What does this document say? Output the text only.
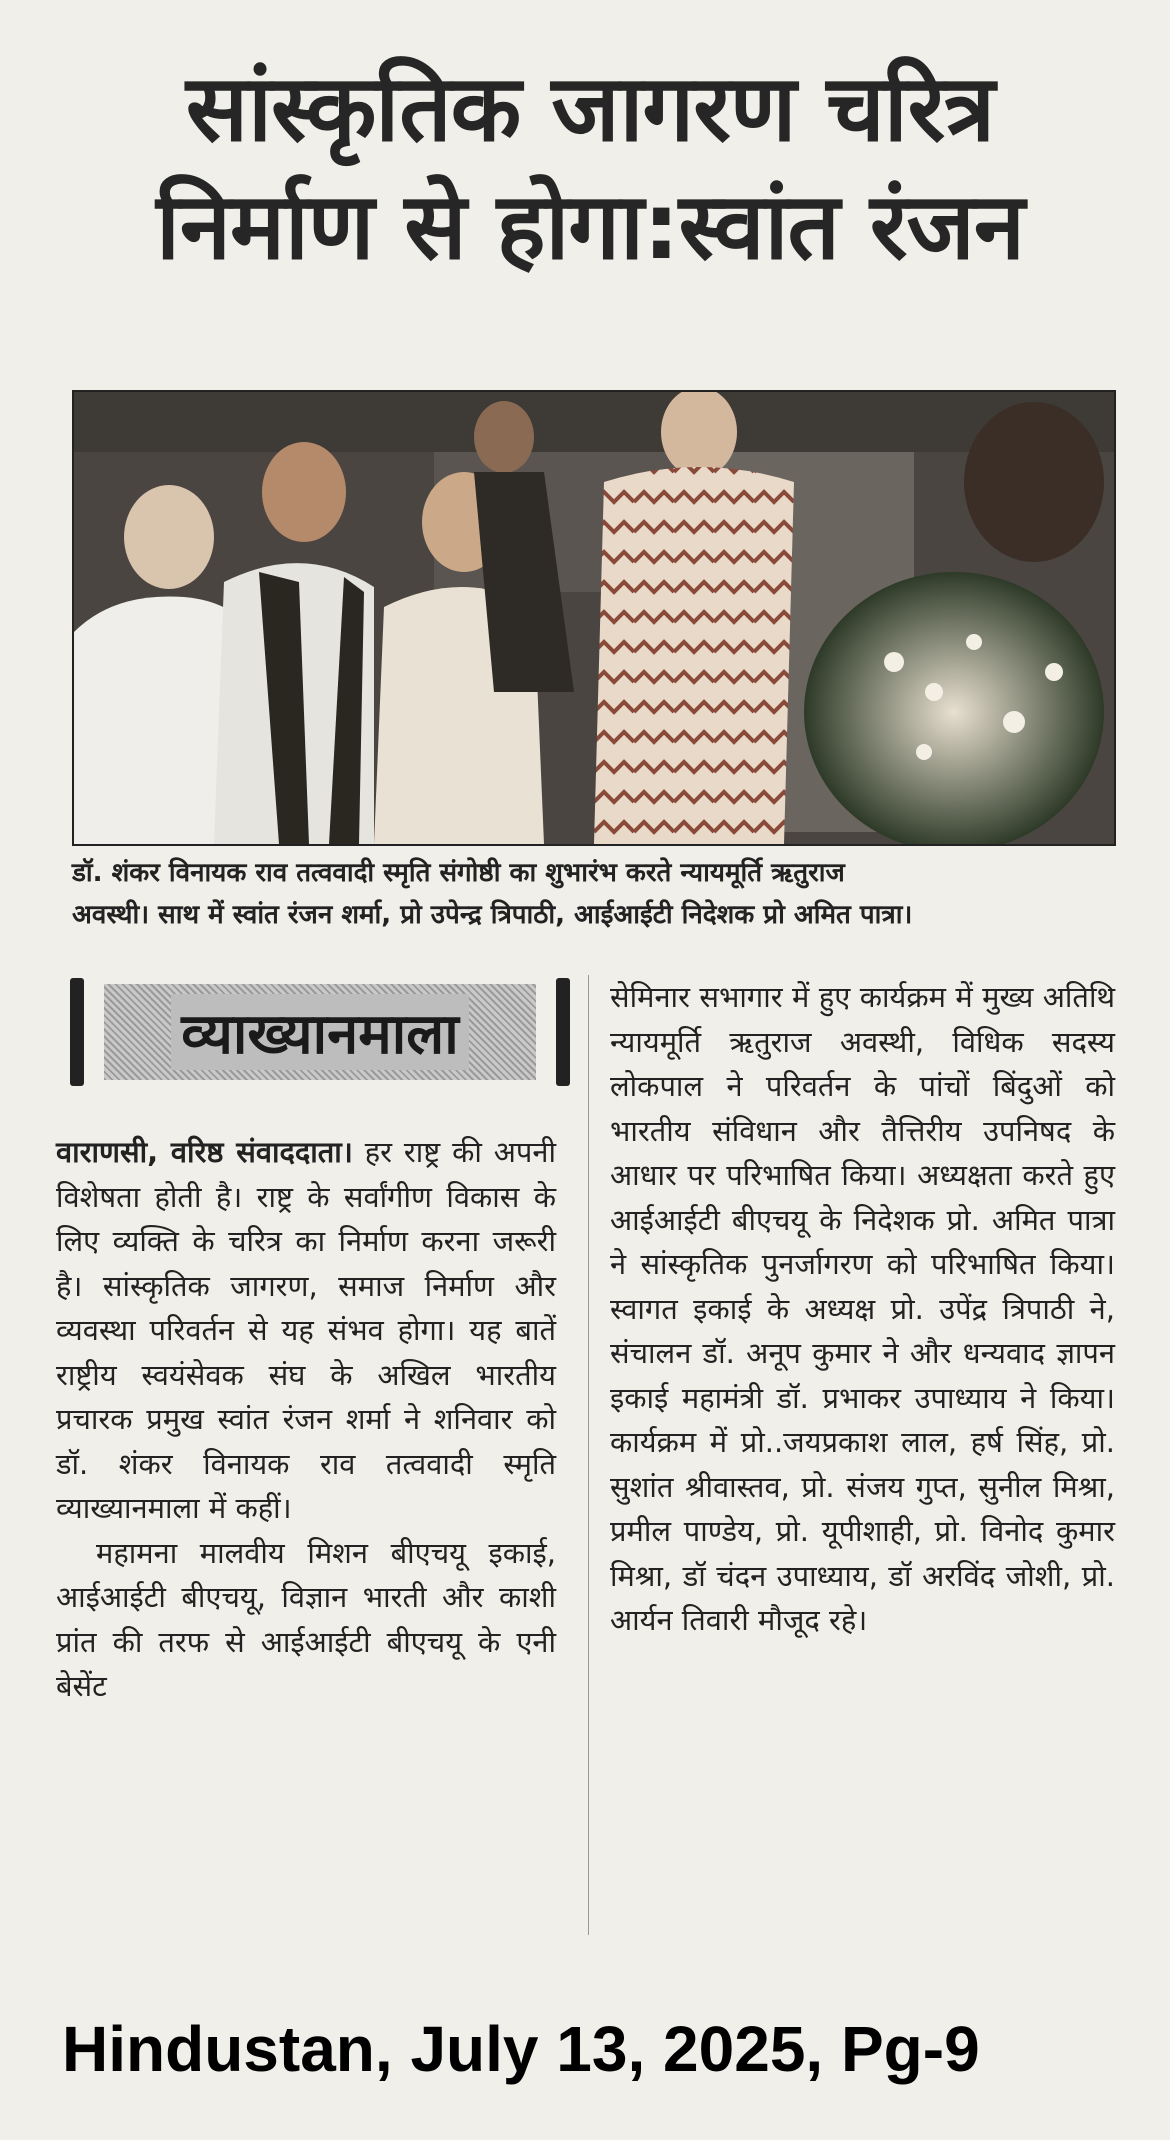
सांस्कृतिक जागरण चरित्र
निर्माण से होगा:स्वांत रंजन
डॉ. शंकर विनायक राव तत्ववादी स्मृति संगोष्ठी का शुभारंभ करते न्यायमूर्ति ऋतुराज
अवस्थी। साथ में स्वांत रंजन शर्मा, प्रो उपेन्द्र त्रिपाठी, आईआईटी निदेशक प्रो अमित पात्रा।
व्याख्यानमाला

वाराणसी, वरिष्ठ संवाददाता। हर राष्ट्र की अपनी विशेषता होती है। राष्ट्र के सर्वांगीण विकास के लिए व्यक्ति के चरित्र का निर्माण करना जरूरी है। सांस्कृतिक जागरण, समाज निर्माण और व्यवस्था परिवर्तन से यह संभव होगा। यह बातें राष्ट्रीय स्वयंसेवक संघ के अखिल भारतीय प्रचारक प्रमुख स्वांत रंजन शर्मा ने शनिवार को डॉ. शंकर विनायक राव तत्ववादी स्मृति व्याख्यानमाला में कहीं।

महामना मालवीय मिशन बीएचयू इकाई, आईआईटी बीएचयू, विज्ञान भारती और काशी प्रांत की तरफ से आईआईटी बीएचयू के एनी बेसेंट

सेमिनार सभागार में हुए कार्यक्रम में मुख्य अतिथि न्यायमूर्ति ऋतुराज अवस्थी, विधिक सदस्य लोकपाल ने परिवर्तन के पांचों बिंदुओं को भारतीय संविधान और तैत्तिरीय उपनिषद के आधार पर परिभाषित किया। अध्यक्षता करते हुए आईआईटी बीएचयू के निदेशक प्रो. अमित पात्रा ने सांस्कृतिक पुनर्जागरण को परिभाषित किया। स्वागत इकाई के अध्यक्ष प्रो. उपेंद्र त्रिपाठी ने, संचालन डॉ. अनूप कुमार ने और धन्यवाद ज्ञापन इकाई महामंत्री डॉ. प्रभाकर उपाध्याय ने किया। कार्यक्रम में प्रो..जयप्रकाश लाल, हर्ष सिंह, प्रो. सुशांत श्रीवास्तव, प्रो. संजय गुप्त, सुनील मिश्रा, प्रमील पाण्डेय, प्रो. यूपीशाही, प्रो. विनोद कुमार मिश्रा, डॉ चंदन उपाध्याय, डॉ अरविंद जोशी, प्रो. आर्यन तिवारी मौजूद रहे।

Hindustan, July 13, 2025, Pg-9
